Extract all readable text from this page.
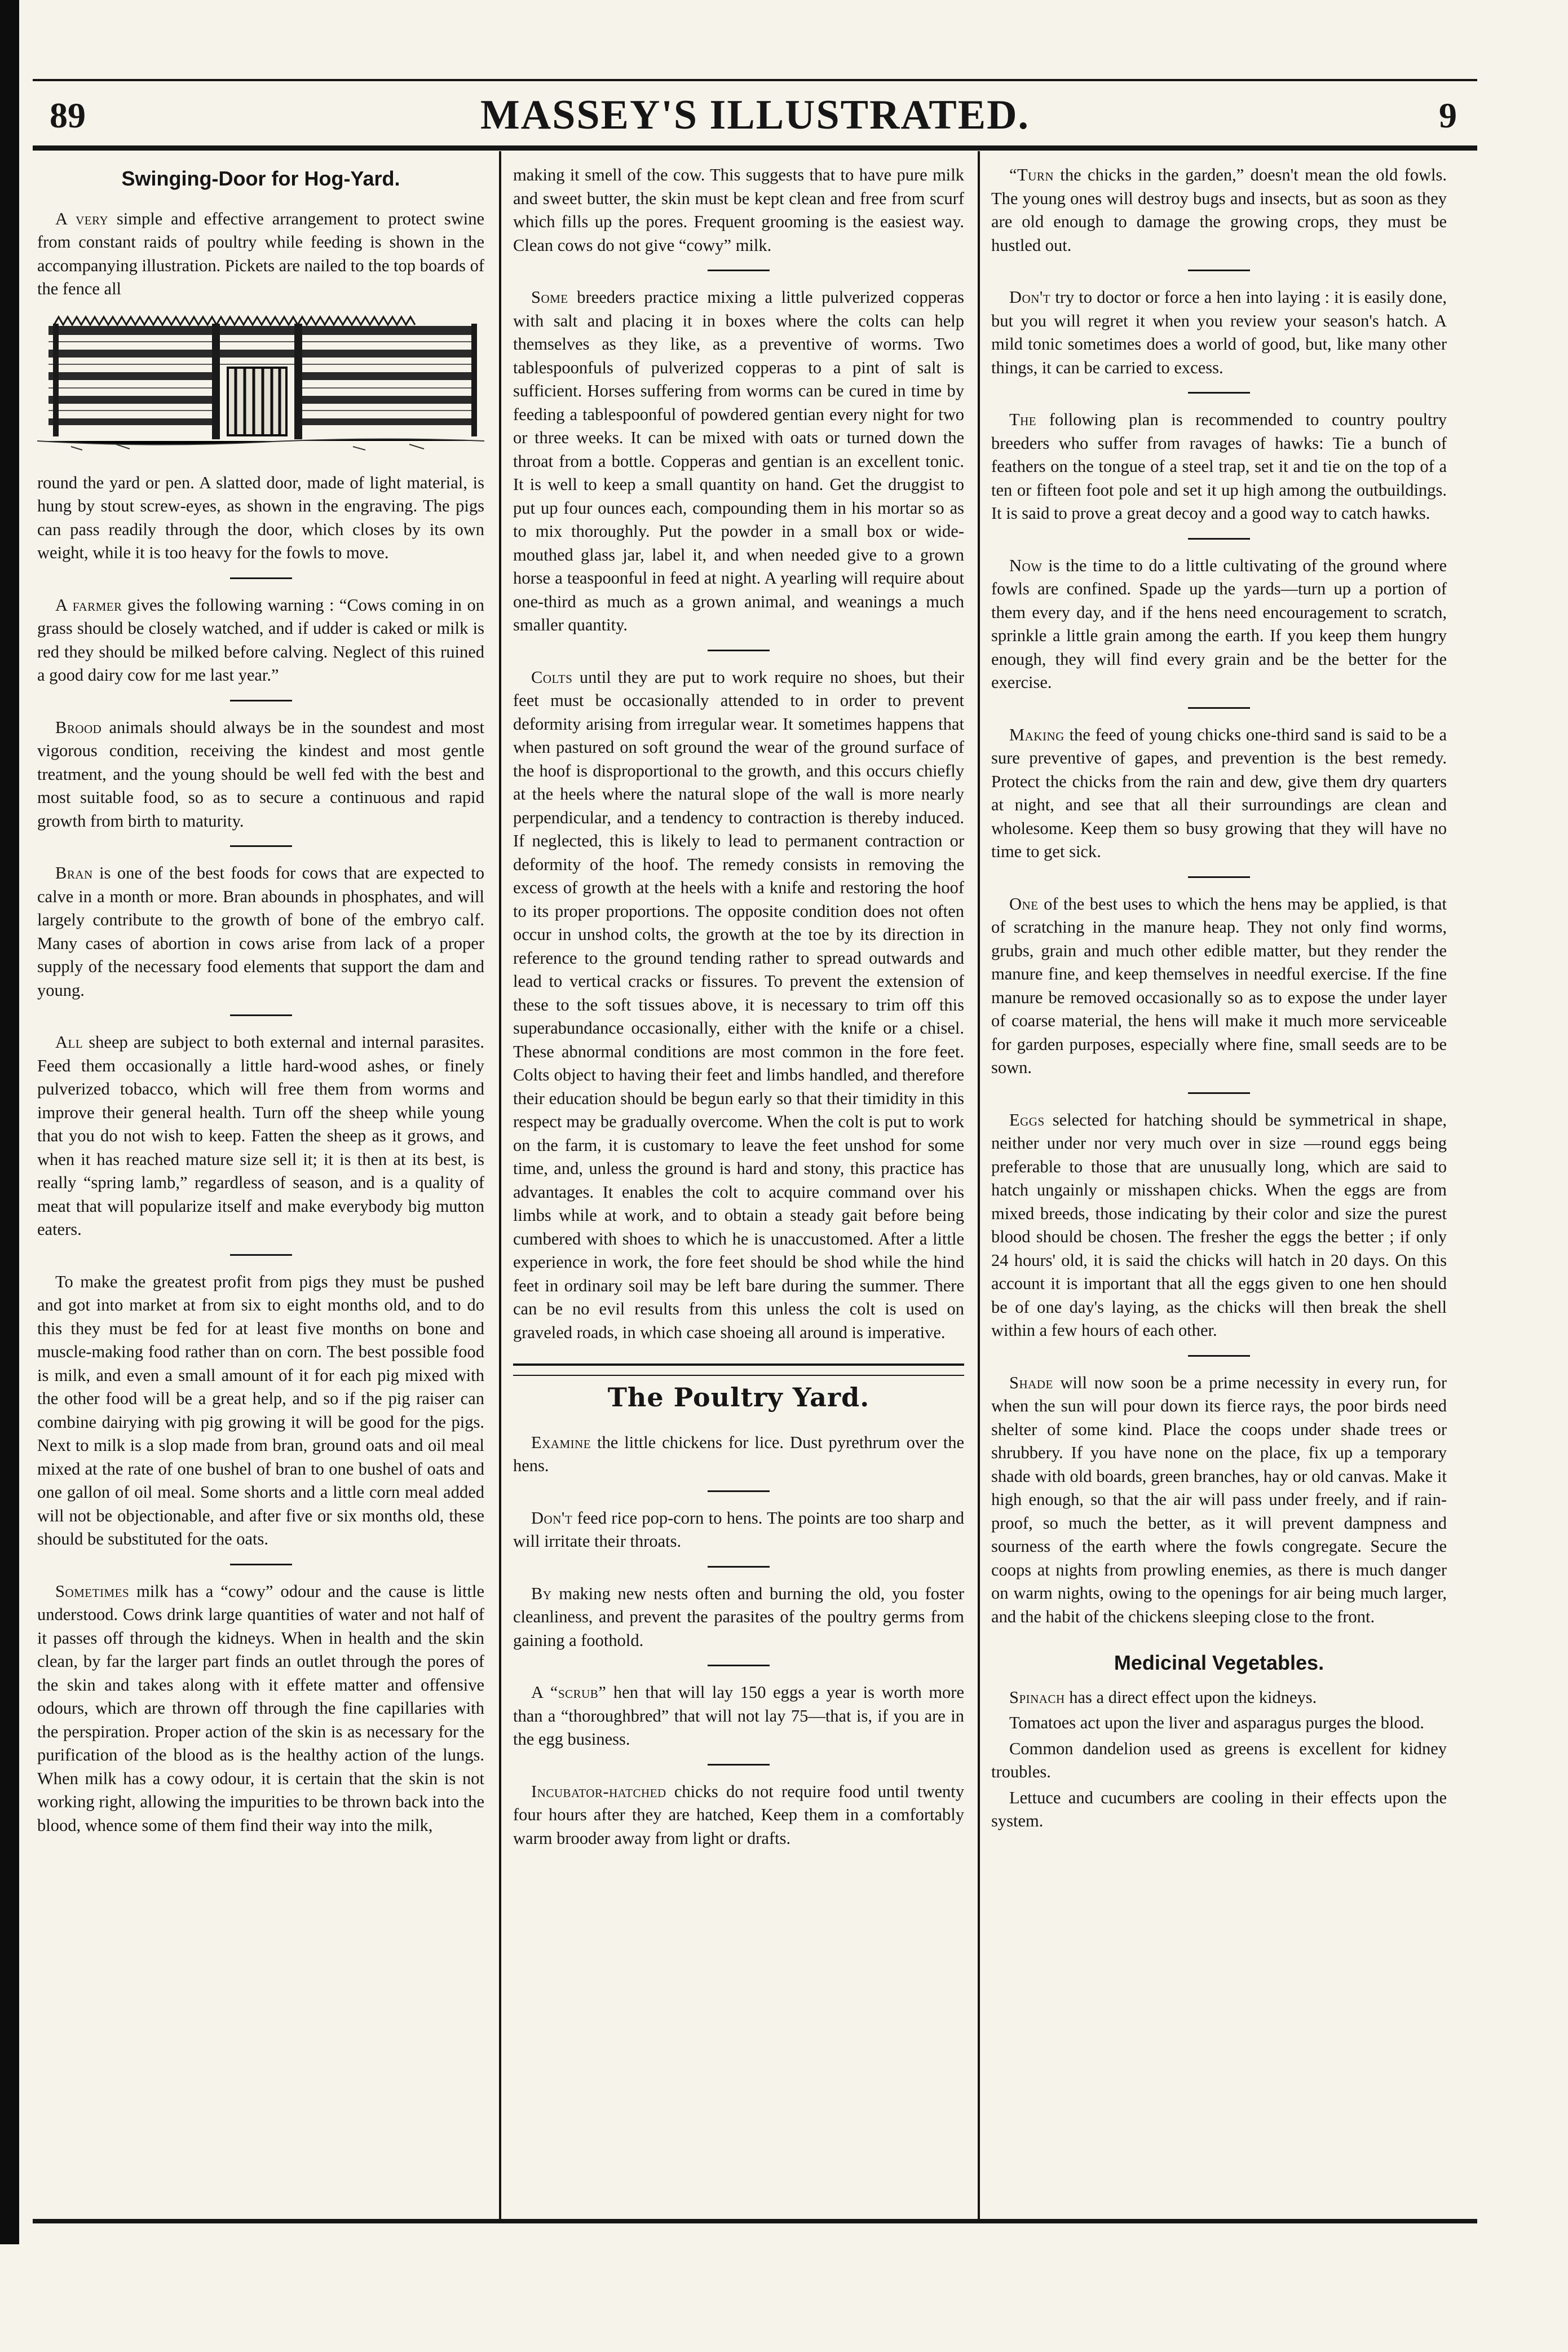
89	MASSEY'S ILLUSTRATED.	9
Swinging-Door for Hog-Yard.

A very simple and effective arrangement to protect swine from constant raids of poultry while feeding is shown in the accompanying illustration. Pickets are nailed to the top boards of the fence all

round the yard or pen. A slatted door, made of light material, is hung by stout screw-eyes, as shown in the engraving. The pigs can pass readily through the door, which closes by its own weight, while it is too heavy for the fowls to move.

A farmer gives the following warning : “Cows coming in on grass should be closely watched, and if udder is caked or milk is red they should be milked before calving. Neglect of this ruined a good dairy cow for me last year.”

Brood animals should always be in the soundest and most vigorous condition, receiving the kindest and most gentle treatment, and the young should be well fed with the best and most suitable food, so as to secure a continuous and rapid growth from birth to maturity.

Bran is one of the best foods for cows that are expected to calve in a month or more. Bran abounds in phosphates, and will largely contribute to the growth of bone of the embryo calf. Many cases of abortion in cows arise from lack of a proper supply of the necessary food elements that support the dam and young.

All sheep are subject to both external and internal parasites. Feed them occasionally a little hard-wood ashes, or finely pulverized tobacco, which will free them from worms and improve their general health. Turn off the sheep while young that you do not wish to keep. Fatten the sheep as it grows, and when it has reached mature size sell it; it is then at its best, is really “spring lamb,” regardless of season, and is a quality of meat that will popularize itself and make everybody big mutton eaters.

To make the greatest profit from pigs they must be pushed and got into market at from six to eight months old, and to do this they must be fed for at least five months on bone and muscle-making food rather than on corn. The best possible food is milk, and even a small amount of it for each pig mixed with the other food will be a great help, and so if the pig raiser can combine dairying with pig growing it will be good for the pigs. Next to milk is a slop made from bran, ground oats and oil meal mixed at the rate of one bushel of bran to one bushel of oats and one gallon of oil meal. Some shorts and a little corn meal added will not be objectionable, and after five or six months old, these should be substituted for the oats.

Sometimes milk has a “cowy” odour and the cause is little understood. Cows drink large quantities of water and not half of it passes off through the kidneys. When in health and the skin clean, by far the larger part finds an outlet through the pores of the skin and takes along with it effete matter and offensive odours, which are thrown off through the fine capillaries with the perspiration. Proper action of the skin is as necessary for the purification of the blood as is the healthy action of the lungs. When milk has a cowy odour, it is certain that the skin is not working right, allowing the impurities to be thrown back into the blood, whence some of them find their way into the milk,

making it smell of the cow. This suggests that to have pure milk and sweet butter, the skin must be kept clean and free from scurf which fills up the pores. Frequent grooming is the easiest way. Clean cows do not give “cowy” milk.

Some breeders practice mixing a little pulverized copperas with salt and placing it in boxes where the colts can help themselves as they like, as a preventive of worms. Two tablespoonfuls of pulverized copperas to a pint of salt is sufficient. Horses suffering from worms can be cured in time by feeding a tablespoonful of powdered gentian every night for two or three weeks. It can be mixed with oats or turned down the throat from a bottle. Copperas and gentian is an excellent tonic. It is well to keep a small quantity on hand. Get the druggist to put up four ounces each, compounding them in his mortar so as to mix thoroughly. Put the powder in a small box or wide-mouthed glass jar, label it, and when needed give to a grown horse a teaspoonful in feed at night. A yearling will require about one-third as much as a grown animal, and weanings a much smaller quantity.

Colts until they are put to work require no shoes, but their feet must be occasionally attended to in order to prevent deformity arising from irregular wear. It sometimes happens that when pastured on soft ground the wear of the ground surface of the hoof is disproportional to the growth, and this occurs chiefly at the heels where the natural slope of the wall is more nearly perpendicular, and a tendency to contraction is thereby induced. If neglected, this is likely to lead to permanent contraction or deformity of the hoof. The remedy consists in removing the excess of growth at the heels with a knife and restoring the hoof to its proper proportions. The opposite condition does not often occur in unshod colts, the growth at the toe by its direction in reference to the ground tending rather to spread outwards and lead to vertical cracks or fissures. To prevent the extension of these to the soft tissues above, it is necessary to trim off this superabundance occasionally, either with the knife or a chisel. These abnormal conditions are most common in the fore feet. Colts object to having their feet and limbs handled, and therefore their education should be begun early so that their timidity in this respect may be gradually overcome. When the colt is put to work on the farm, it is customary to leave the feet unshod for some time, and, unless the ground is hard and stony, this practice has advantages. It enables the colt to acquire command over his limbs while at work, and to obtain a steady gait before being cumbered with shoes to which he is unaccustomed. After a little experience in work, the fore feet should be shod while the hind feet in ordinary soil may be left bare during the summer. There can be no evil results from this unless the colt is used on graveled roads, in which case shoeing all around is imperative.

The Poultry Yard.

Examine the little chickens for lice. Dust pyrethrum over the hens.

Don't feed rice pop-corn to hens. The points are too sharp and will irritate their throats.

By making new nests often and burning the old, you foster cleanliness, and prevent the parasites of the poultry germs from gaining a foothold.

A “scrub” hen that will lay 150 eggs a year is worth more than a “thoroughbred” that will not lay 75—that is, if you are in the egg business.

Incubator-hatched chicks do not require food until twenty four hours after they are hatched, Keep them in a comfortably warm brooder away from light or drafts.

“Turn the chicks in the garden,” doesn't mean the old fowls. The young ones will destroy bugs and insects, but as soon as they are old enough to damage the growing crops, they must be hustled out.

Don't try to doctor or force a hen into laying : it is easily done, but you will regret it when you review your season's hatch. A mild tonic sometimes does a world of good, but, like many other things, it can be carried to excess.

The following plan is recommended to country poultry breeders who suffer from ravages of hawks: Tie a bunch of feathers on the tongue of a steel trap, set it and tie on the top of a ten or fifteen foot pole and set it up high among the outbuildings. It is said to prove a great decoy and a good way to catch hawks.

Now is the time to do a little cultivating of the ground where fowls are confined. Spade up the yards—turn up a portion of them every day, and if the hens need encouragement to scratch, sprinkle a little grain among the earth. If you keep them hungry enough, they will find every grain and be the better for the exercise.

Making the feed of young chicks one-third sand is said to be a sure preventive of gapes, and prevention is the best remedy. Protect the chicks from the rain and dew, give them dry quarters at night, and see that all their surroundings are clean and wholesome. Keep them so busy growing that they will have no time to get sick.

One of the best uses to which the hens may be applied, is that of scratching in the manure heap. They not only find worms, grubs, grain and much other edible matter, but they render the manure fine, and keep themselves in needful exercise. If the fine manure be removed occasionally so as to expose the under layer of coarse material, the hens will make it much more serviceable for garden purposes, especially where fine, small seeds are to be sown.

Eggs selected for hatching should be symmetrical in shape, neither under nor very much over in size —round eggs being preferable to those that are unusually long, which are said to hatch ungainly or misshapen chicks. When the eggs are from mixed breeds, those indicating by their color and size the purest blood should be chosen. The fresher the eggs the better ; if only 24 hours' old, it is said the chicks will hatch in 20 days. On this account it is important that all the eggs given to one hen should be of one day's laying, as the chicks will then break the shell within a few hours of each other.

Shade will now soon be a prime necessity in every run, for when the sun will pour down its fierce rays, the poor birds need shelter of some kind. Place the coops under shade trees or shrubbery. If you have none on the place, fix up a temporary shade with old boards, green branches, hay or old canvas. Make it high enough, so that the air will pass under freely, and if rain-proof, so much the better, as it will prevent dampness and sourness of the earth where the fowls congregate. Secure the coops at nights from prowling enemies, as there is much danger on warm nights, owing to the openings for air being much larger, and the habit of the chickens sleeping close to the front.

Medicinal Vegetables.

Spinach has a direct effect upon the kidneys.

Tomatoes act upon the liver and asparagus purges the blood.

Common dandelion used as greens is excellent for kidney troubles.

Lettuce and cucumbers are cooling in their effects upon the system.
